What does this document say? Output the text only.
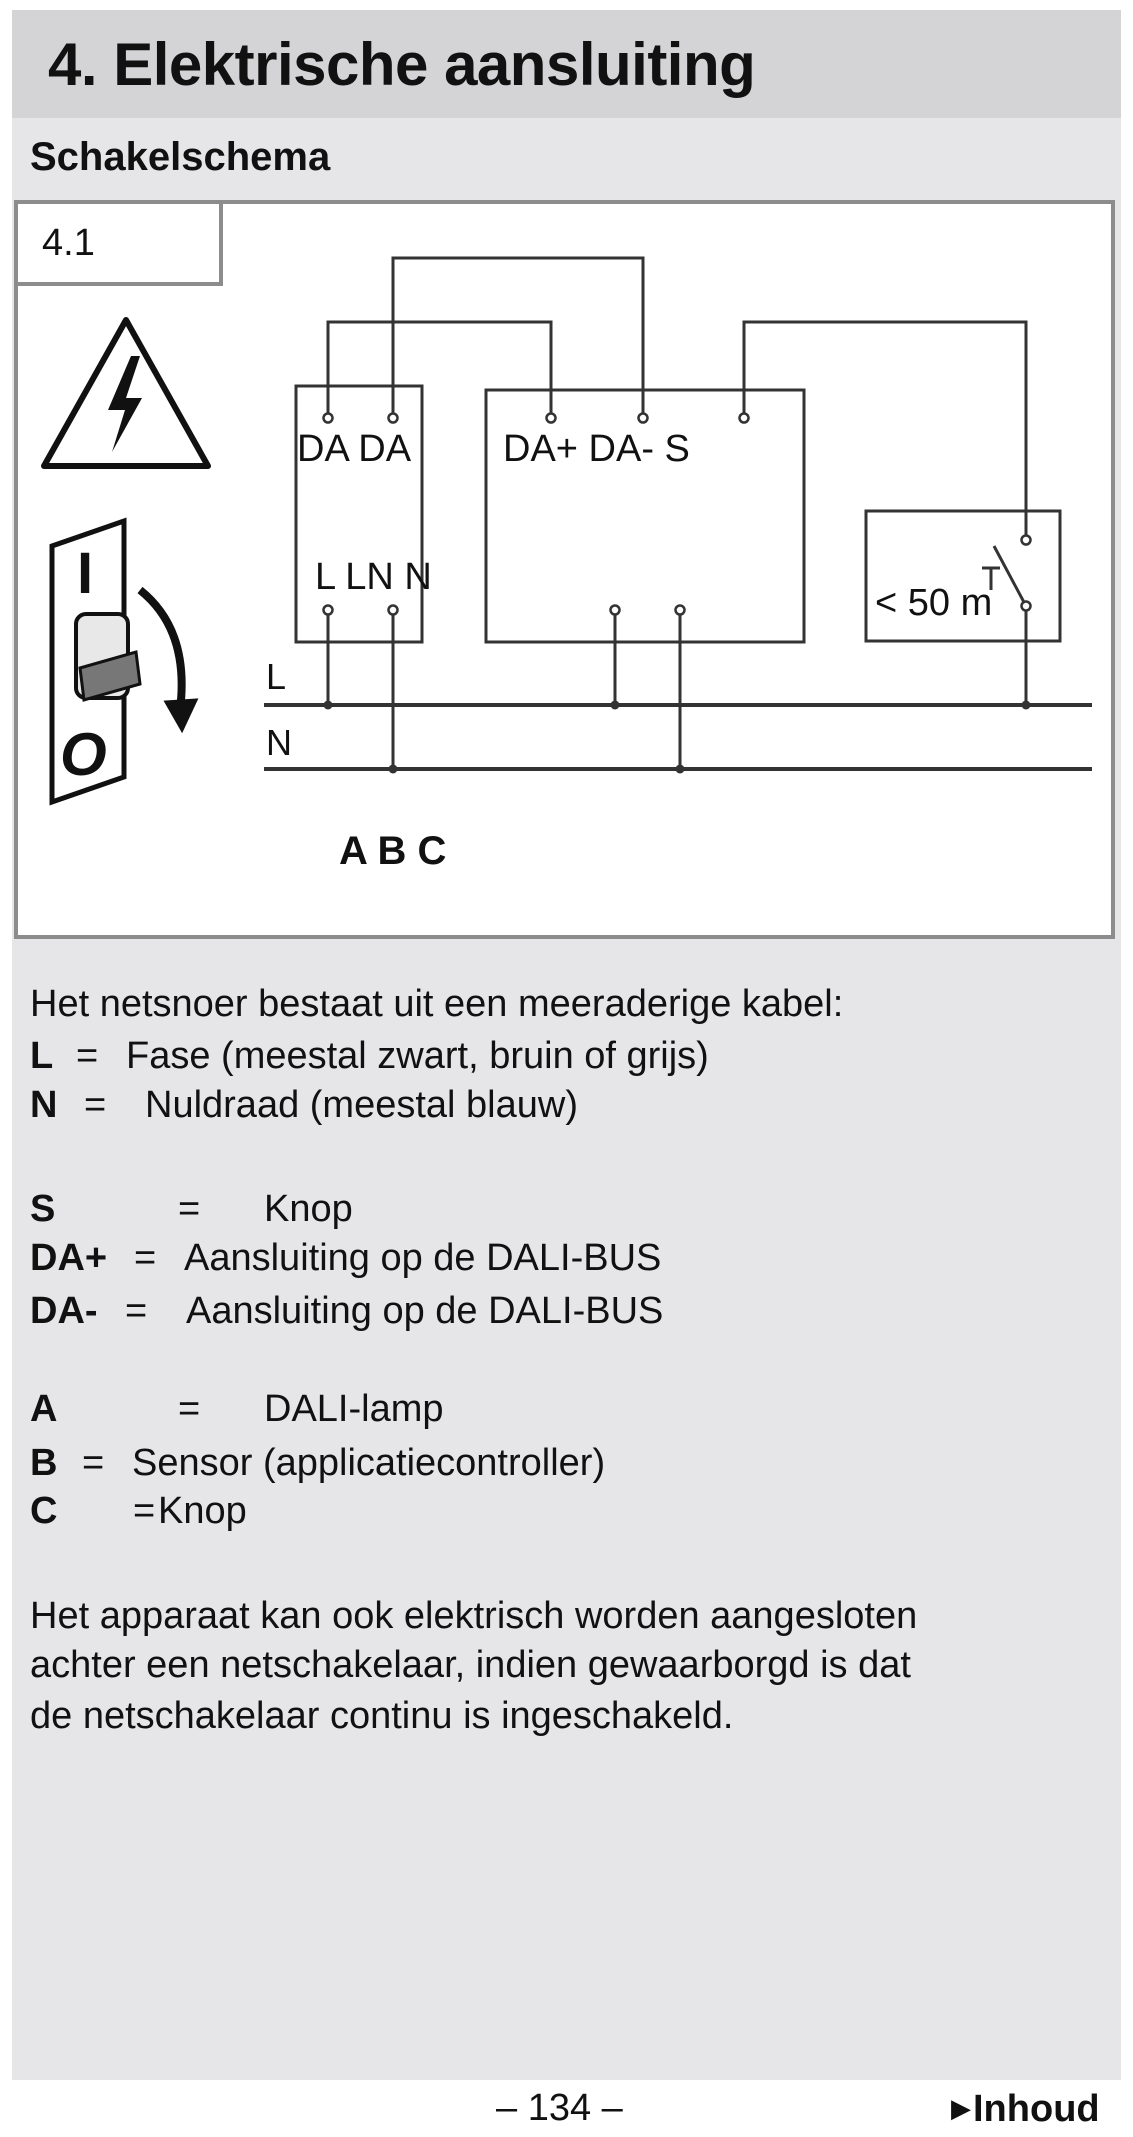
4. Elektrische aansluiting
Schakelschema
4.1
DA DA
L LN N
DA+ DA- S
< 50 m
L
N
A B C
I
O
Het netsnoer bestaat uit een meeraderige kabel:
L = Fase (meestal zwart, bruin of grijs)
N = Nuldraad (meestal blauw)
S	= Knop
DA+ = Aansluiting op de DALI-BUS
DA- = Aansluiting op de DALI-BUS
A	= DALI-lamp
B = Sensor (applicatiecontroller)
C = Knop
Het apparaat kan ook elektrisch worden aangesloten
achter een netschakelaar, indien gewaarborgd is dat
de netschakelaar continu is ingeschakeld.
– 134 –	▶Inhoud
